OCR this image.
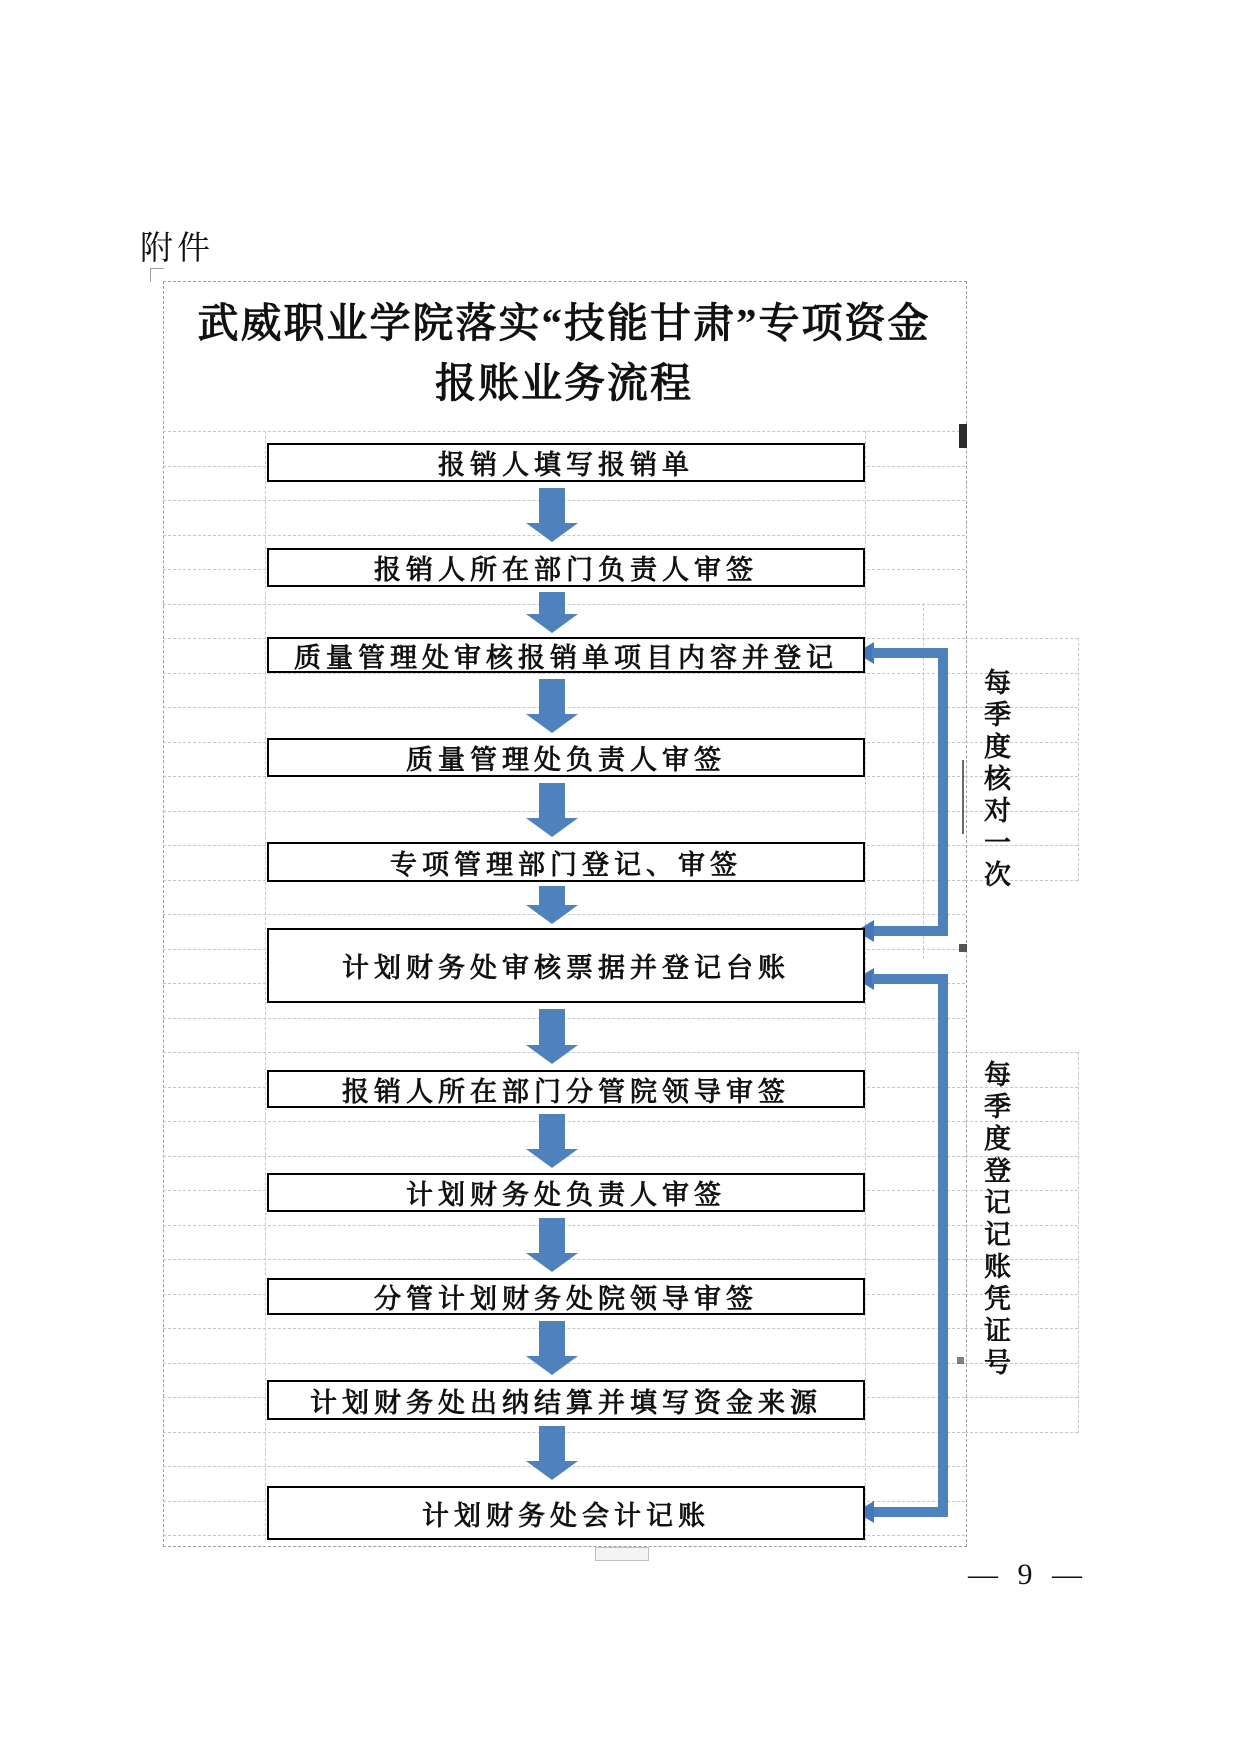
附件
武威职业学院落实“技能甘肃”专项资金
报账业务流程
报销人填写报销单
报销人所在部门负责人审签
质量管理处审核报销单项目内容并登记
质量管理处负责人审签
专项管理部门登记、审签
计划财务处审核票据并登记台账
报销人所在部门分管院领导审签
计划财务处负责人审签
分管计划财务处院领导审签
计划财务处出纳结算并填写资金来源
计划财务处会计记账
每季度核对一次
每季度登记记账凭证号
— 9 —
